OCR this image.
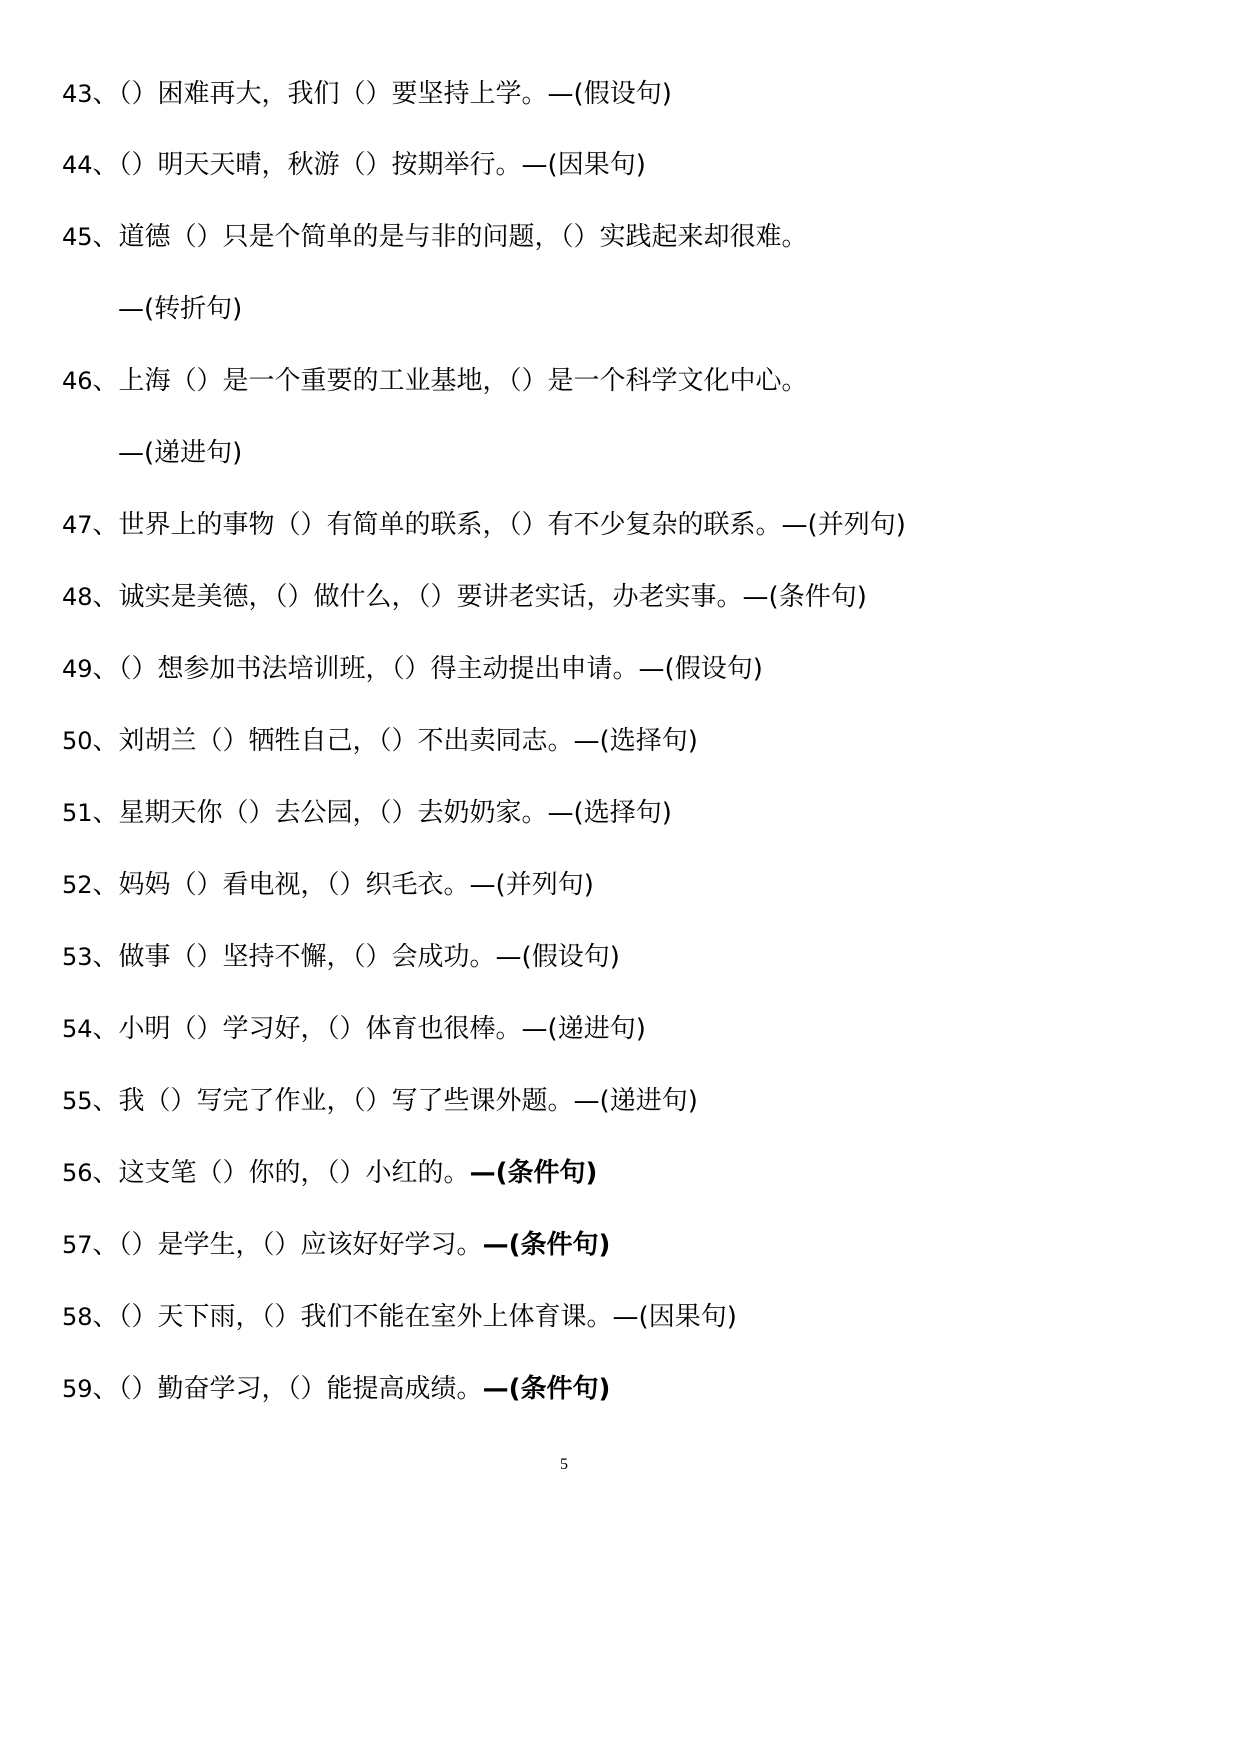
43、（）困难再大，我们（）要坚持上学。—(假设句)
44、（）明天天晴，秋游（）按期举行。—(因果句)
45、道德（）只是个简单的是与非的问题，（）实践起来却很难。
—(转折句)
46、上海（）是一个重要的工业基地，（）是一个科学文化中心。
—(递进句)
47、世界上的事物（）有简单的联系，（）有不少复杂的联系。—(并列句)
48、诚实是美德，（）做什么，（）要讲老实话，办老实事。—(条件句)
49、（）想参加书法培训班，（）得主动提出申请。—(假设句)
50、刘胡兰（）牺牲自己，（）不出卖同志。—(选择句)
51、星期天你（）去公园，（）去奶奶家。—(选择句)
52、妈妈（）看电视，（）织毛衣。—(并列句)
53、做事（）坚持不懈，（）会成功。—(假设句)
54、小明（）学习好，（）体育也很棒。—(递进句)
55、我（）写完了作业，（）写了些课外题。—(递进句)
56、这支笔（）你的，（）小红的。—(条件句)
57、（）是学生，（）应该好好学习。—(条件句)
58、（）天下雨，（）我们不能在室外上体育课。—(因果句)
59、（）勤奋学习，（）能提高成绩。—(条件句)
5
